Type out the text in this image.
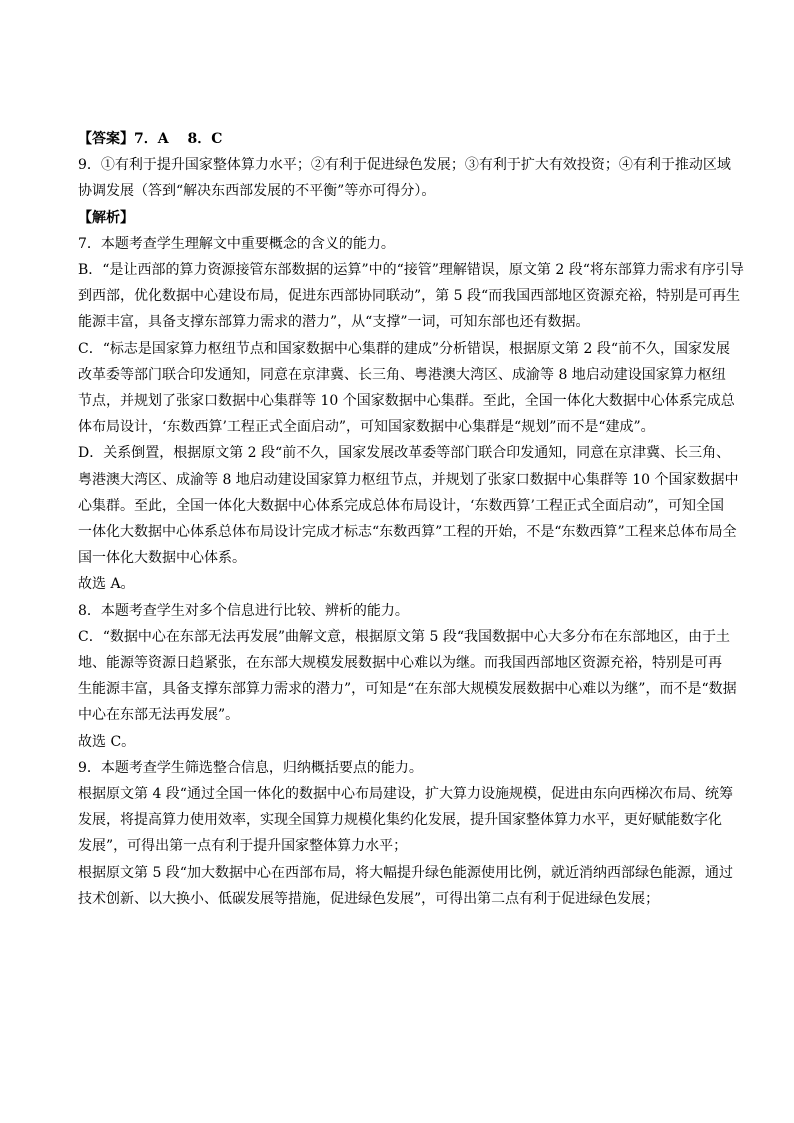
【答案】7．A　 8．C

9．①有利于提升国家整体算力水平；②有利于促进绿色发展；③有利于扩大有效投资；④有利于推动区域

协调发展（答到“解决东西部发展的不平衡”等亦可得分）。

【解析】

7．本题考查学生理解文中重要概念的含义的能力。

B．“是让西部的算力资源接管东部数据的运算”中的“接管”理解错误，原文第 2 段“将东部算力需求有序引导

到西部，优化数据中心建设布局，促进东西部协同联动”，第 5 段“而我国西部地区资源充裕，特别是可再生

能源丰富，具备支撑东部算力需求的潜力”，从“支撑”一词，可知东部也还有数据。

C．“标志是国家算力枢纽节点和国家数据中心集群的建成”分析错误，根据原文第 2 段“前不久，国家发展

改革委等部门联合印发通知，同意在京津冀、长三角、粤港澳大湾区、成渝等 8 地启动建设国家算力枢纽

节点，并规划了张家口数据中心集群等 10 个国家数据中心集群。至此，全国一体化大数据中心体系完成总

体布局设计，‘东数西算’工程正式全面启动”，可知国家数据中心集群是“规划”而不是“建成”。

D．关系倒置，根据原文第 2 段“前不久，国家发展改革委等部门联合印发通知，同意在京津冀、长三角、

粤港澳大湾区、成渝等 8 地启动建设国家算力枢纽节点，并规划了张家口数据中心集群等 10 个国家数据中

心集群。至此，全国一体化大数据中心体系完成总体布局设计，‘东数西算’工程正式全面启动”，可知全国

一体化大数据中心体系总体布局设计完成才标志“东数西算”工程的开始，不是“东数西算”工程来总体布局全

国一体化大数据中心体系。

故选 A。

8．本题考查学生对多个信息进行比较、辨析的能力。

C．“数据中心在东部无法再发展”曲解文意，根据原文第 5 段“我国数据中心大多分布在东部地区，由于土

地、能源等资源日趋紧张，在东部大规模发展数据中心难以为继。而我国西部地区资源充裕，特别是可再

生能源丰富，具备支撑东部算力需求的潜力”，可知是“在东部大规模发展数据中心难以为继”，而不是“数据

中心在东部无法再发展”。

故选 C。

9．本题考查学生筛选整合信息，归纳概括要点的能力。

根据原文第 4 段“通过全国一体化的数据中心布局建设，扩大算力设施规模，促进由东向西梯次布局、统筹

发展，将提高算力使用效率，实现全国算力规模化集约化发展，提升国家整体算力水平，更好赋能数字化

发展”，可得出第一点有利于提升国家整体算力水平；

根据原文第 5 段“加大数据中心在西部布局，将大幅提升绿色能源使用比例，就近消纳西部绿色能源，通过

技术创新、以大换小、低碳发展等措施，促进绿色发展”，可得出第二点有利于促进绿色发展；
